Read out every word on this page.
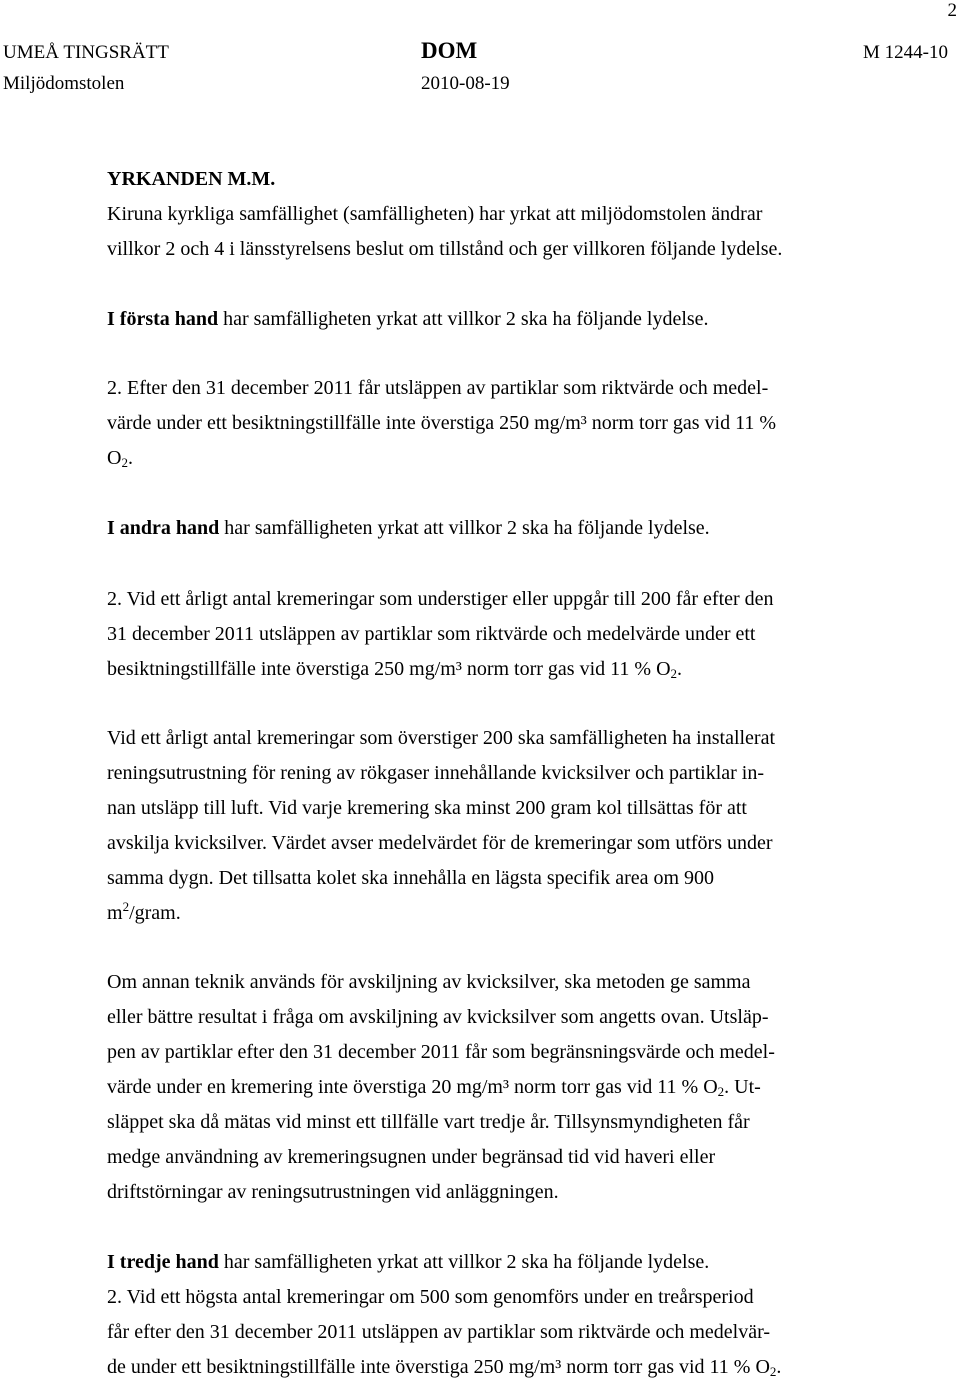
2
UMEÅ TINGSRÄTT
Miljödomstolen
DOM
2010-08-19
M 1244-10
YRKANDEN M.M.
Kiruna kyrkliga samfällighet (samfälligheten) har yrkat att miljödomstolen ändrar
villkor 2 och 4 i länsstyrelsens beslut om tillstånd och ger villkoren följande lydelse.
I första hand har samfälligheten yrkat att villkor 2 ska ha följande lydelse.
2. Efter den 31 december 2011 får utsläppen av partiklar som riktvärde och medel-
värde under ett besiktningstillfälle inte överstiga 250 mg/m³ norm torr gas vid 11 %
$O_2$.
I andra hand har samfälligheten yrkat att villkor 2 ska ha följande lydelse.
2. Vid ett årligt antal kremeringar som understiger eller uppgår till 200 får efter den
31 december 2011 utsläppen av partiklar som riktvärde och medelvärde under ett
besiktningstillfälle inte överstiga 250 mg/m³ norm torr gas vid 11 % $O_2$.
Vid ett årligt antal kremeringar som överstiger 200 ska samfälligheten ha installerat
reningsutrustning för rening av rökgaser innehållande kvicksilver och partiklar in-
nan utsläpp till luft. Vid varje kremering ska minst 200 gram kol tillsättas för att
avskilja kvicksilver. Värdet avser medelvärdet för de kremeringar som utförs under
samma dygn. Det tillsatta kolet ska innehålla en lägsta specifik area om 900
$m^2$/gram.
Om annan teknik används för avskiljning av kvicksilver, ska metoden ge samma
eller bättre resultat i fråga om avskiljning av kvicksilver som angetts ovan. Utsläp-
pen av partiklar efter den 31 december 2011 får som begränsningsvärde och medel-
värde under en kremering inte överstiga 20 mg/m³ norm torr gas vid 11 % $O_2$. Ut-
släppet ska då mätas vid minst ett tillfälle vart tredje år. Tillsynsmyndigheten får
medge användning av kremeringsugnen under begränsad tid vid haveri eller
driftstörningar av reningsutrustningen vid anläggningen.
I tredje hand har samfälligheten yrkat att villkor 2 ska ha följande lydelse.
2. Vid ett högsta antal kremeringar om 500 som genomförs under en treårsperiod
får efter den 31 december 2011 utsläppen av partiklar som riktvärde och medelvär-
de under ett besiktningstillfälle inte överstiga 250 mg/m³ norm torr gas vid 11 % $O_2$.
